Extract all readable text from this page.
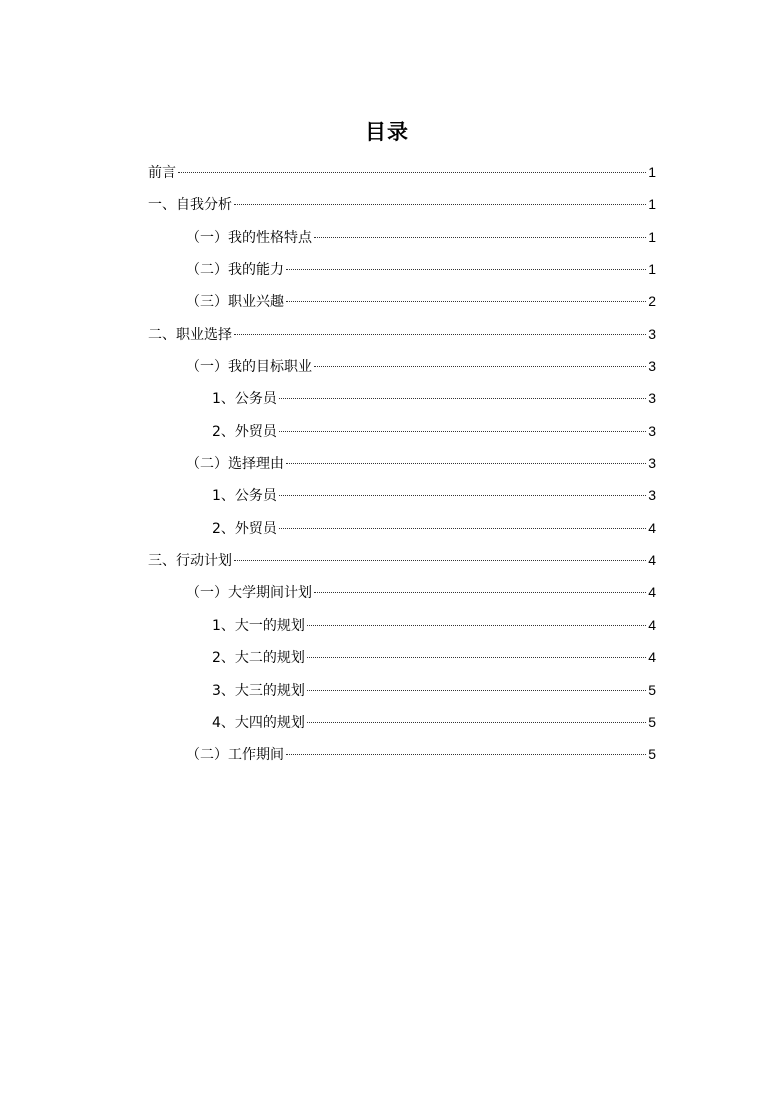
目录
前言	1
一、自我分析	1
（一）我的性格特点	1
（二）我的能力	1
（三）职业兴趣	2
二、职业选择	3
（一）我的目标职业	3
1、公务员	3
2、外贸员	3
（二）选择理由	3
1、公务员	3
2、外贸员	4
三、行动计划	4
（一）大学期间计划	4
1、大一的规划	4
2、大二的规划	4
3、大三的规划	5
4、大四的规划	5
（二）工作期间	5
